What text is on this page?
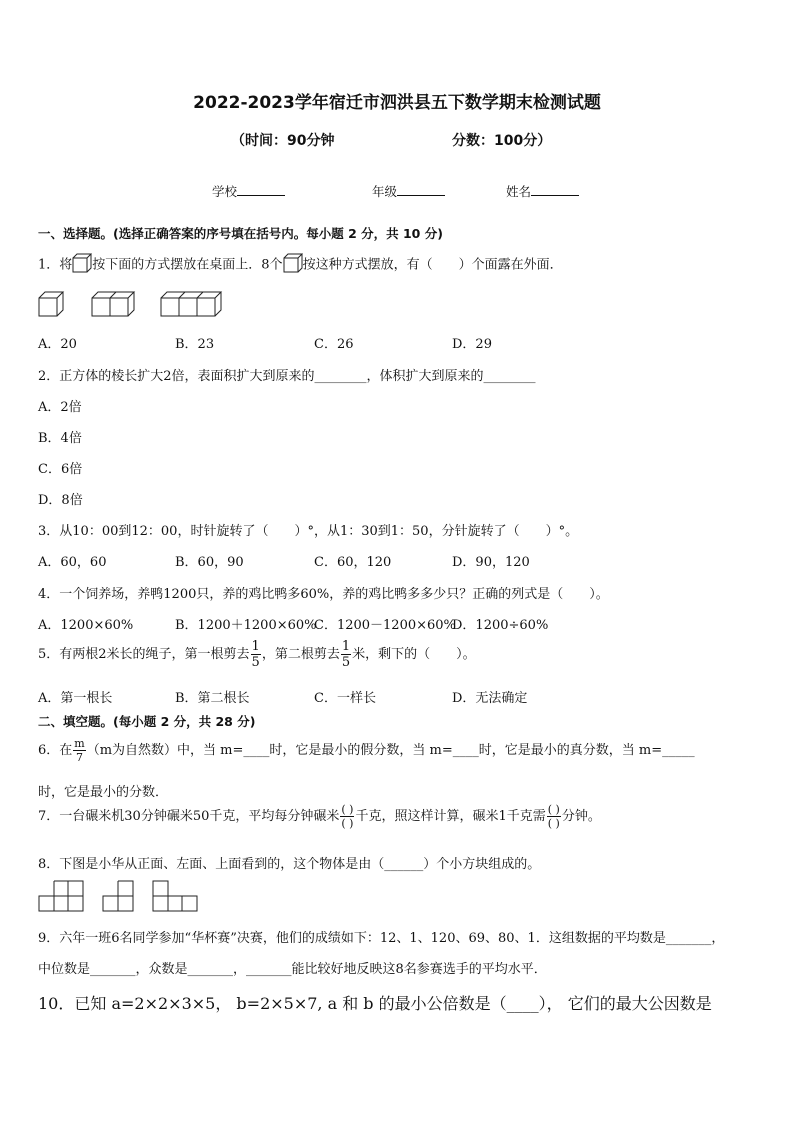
2022-2023学年宿迁市泗洪县五下数学期末检测试题
（时间：90分钟	分数：100分）
学校	年级	姓名
一、选择题。(选择正确答案的序号填在括号内。每小题 2 分，共 10 分)
1．将 按下面的方式摆放在桌面上．8个 按这种方式摆放，有（　　）个面露在外面．
A．20	B．23	C．26	D．29
2．正方体的棱长扩大2倍，表面积扩大到原来的________，体积扩大到原来的________
A．2倍
B．4倍
C．6倍
D．8倍
3．从10：00到12：00，时针旋转了（　　）°，从1：30到1：50，分针旋转了（　　）°。
A．60，60	B．60，90	C．60，120	D．90，120
4．一个饲养场，养鸭1200只，养的鸡比鸭多60%，养的鸡比鸭多多少只？正确的列式是（　　）。
A．1200×60%	B．1200＋1200×60%
C．1200－1200×60%
D．1200÷60%
5．有两根2米长的绳子，第一根剪去 $\frac{1}{5}$ ，第二根剪去 $\frac{1}{5}$ 米，剩下的（　　）。
A．第一根长	B．第二根长	C．一样长	D．无法确定
二、填空题。(每小题 2 分，共 28 分)
6．在 $\frac{m}{7} (m$为自然数）中，当 m=____时，它是最小的假分数，当 m=____时，它是最小的真分数，当 m=_____
时，它是最小的分数．
7．一台碾米机30分钟碾米50千克，平均每分钟碾米 $\frac{( )}{( )}$ 千克，照这样计算，碾米1千克需 $\frac{( )}{( )}$ 分钟。
8．下图是小华从正面、左面、上面看到的，这个物体是由（______）个小方块组成的。
9．六年一班6名同学参加“华杯赛”决赛，他们的成绩如下：12、1、120、69、80、1．这组数据的平均数是_______，
中位数是_______，众数是_______，_______能比较好地反映这8名参赛选手的平均水平．
10．已知 a=2×2×3×5， b=2×5×7, a 和 b 的最小公倍数是（____）， 它们的最大公因数是
